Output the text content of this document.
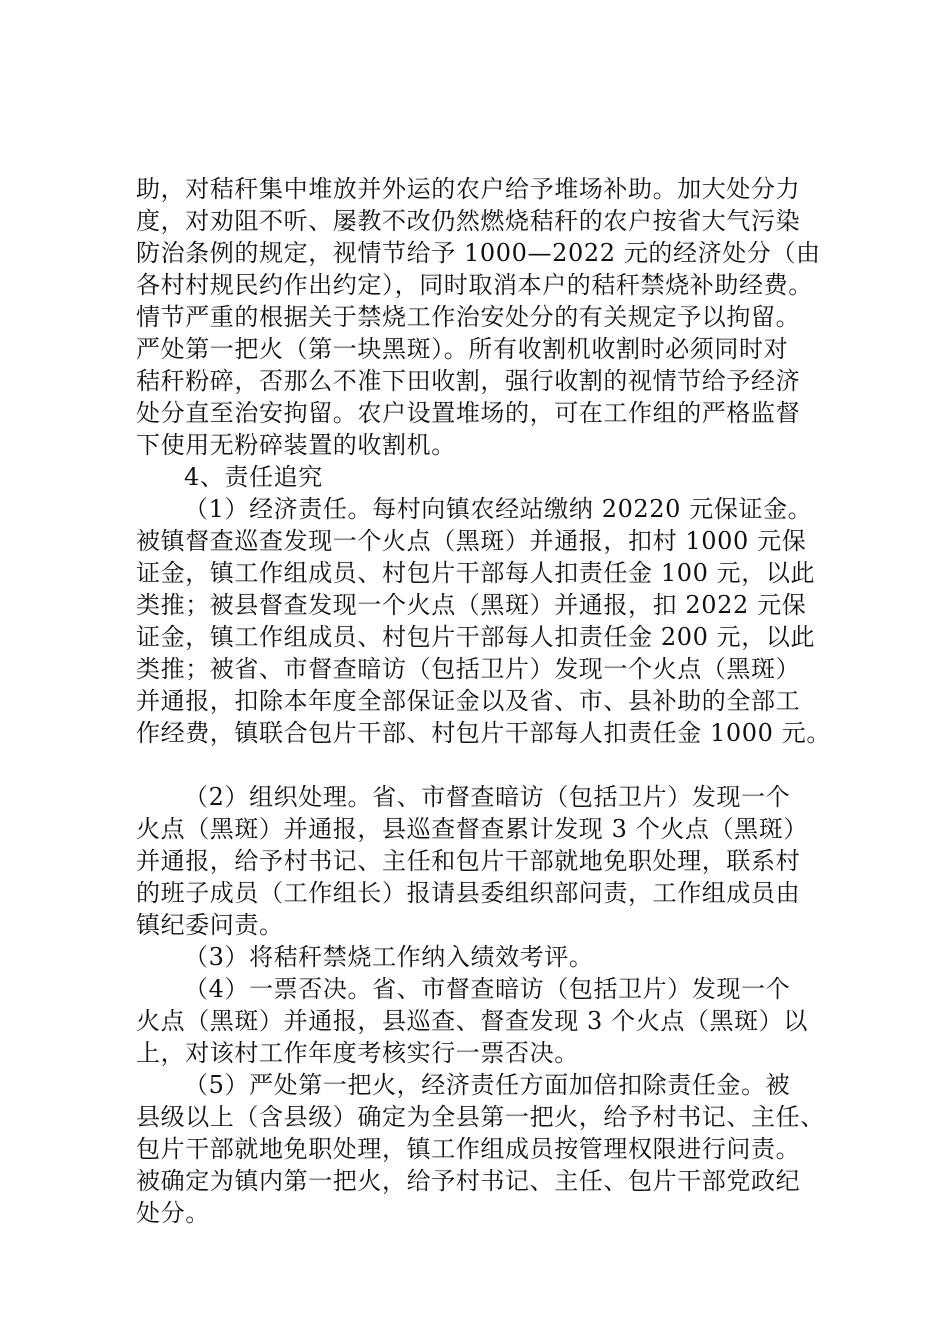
助，对秸秆集中堆放并外运的农户给予堆场补助。加大处分力
度，对劝阻不听、屡教不改仍然燃烧秸秆的农户按省大气污染
防治条例的规定，视情节给予 1000—2022 元的经济处分（由
各村村规民约作出约定），同时取消本户的秸秆禁烧补助经费。
情节严重的根据关于禁烧工作治安处分的有关规定予以拘留。
严处第一把火（第一块黑斑）。所有收割机收割时必须同时对
秸秆粉碎，否那么不准下田收割，强行收割的视情节给予经济
处分直至治安拘留。农户设置堆场的，可在工作组的严格监督
下使用无粉碎装置的收割机。
4、责任追究
（1）经济责任。每村向镇农经站缴纳 20220 元保证金。
被镇督查巡查发现一个火点（黑斑）并通报，扣村 1000 元保
证金，镇工作组成员、村包片干部每人扣责任金 100 元，以此
类推；被县督查发现一个火点（黑斑）并通报，扣 2022 元保
证金，镇工作组成员、村包片干部每人扣责任金 200 元，以此
类推；被省、市督查暗访（包括卫片）发现一个火点（黑斑）
并通报，扣除本年度全部保证金以及省、市、县补助的全部工
作经费，镇联合包片干部、村包片干部每人扣责任金 1000 元。
（2）组织处理。省、市督查暗访（包括卫片）发现一个
火点（黑斑）并通报，县巡查督查累计发现 3 个火点（黑斑）
并通报，给予村书记、主任和包片干部就地免职处理，联系村
的班子成员（工作组长）报请县委组织部问责，工作组成员由
镇纪委问责。
（3）将秸秆禁烧工作纳入绩效考评。
（4）一票否决。省、市督查暗访（包括卫片）发现一个
火点（黑斑）并通报，县巡查、督查发现 3 个火点（黑斑）以
上，对该村工作年度考核实行一票否决。
（5）严处第一把火，经济责任方面加倍扣除责任金。被
县级以上（含县级）确定为全县第一把火，给予村书记、主任、
包片干部就地免职处理，镇工作组成员按管理权限进行问责。
被确定为镇内第一把火，给予村书记、主任、包片干部党政纪
处分。
